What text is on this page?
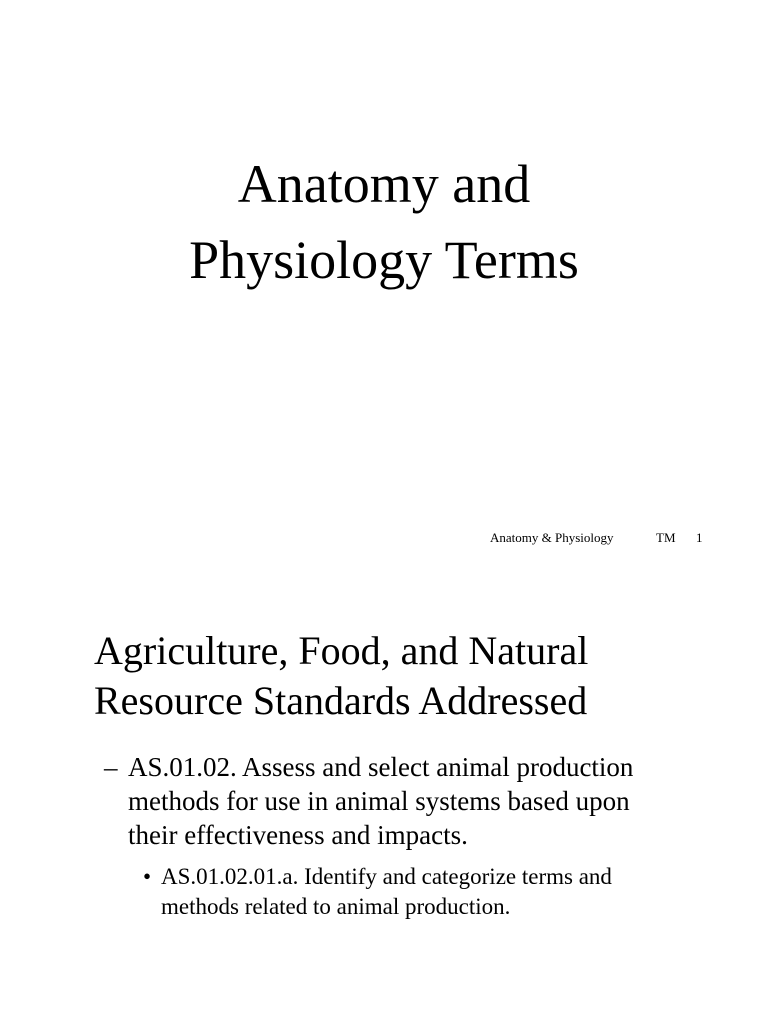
Anatomy and
Physiology Terms
Anatomy & Physiology	TM 1
Agriculture, Food, and Natural
Resource Standards Addressed
– AS.01.02. Assess and select animal production
methods for use in animal systems based upon
their effectiveness and impacts.
• AS.01.02.01.a. Identify and categorize terms and
methods related to animal production.
